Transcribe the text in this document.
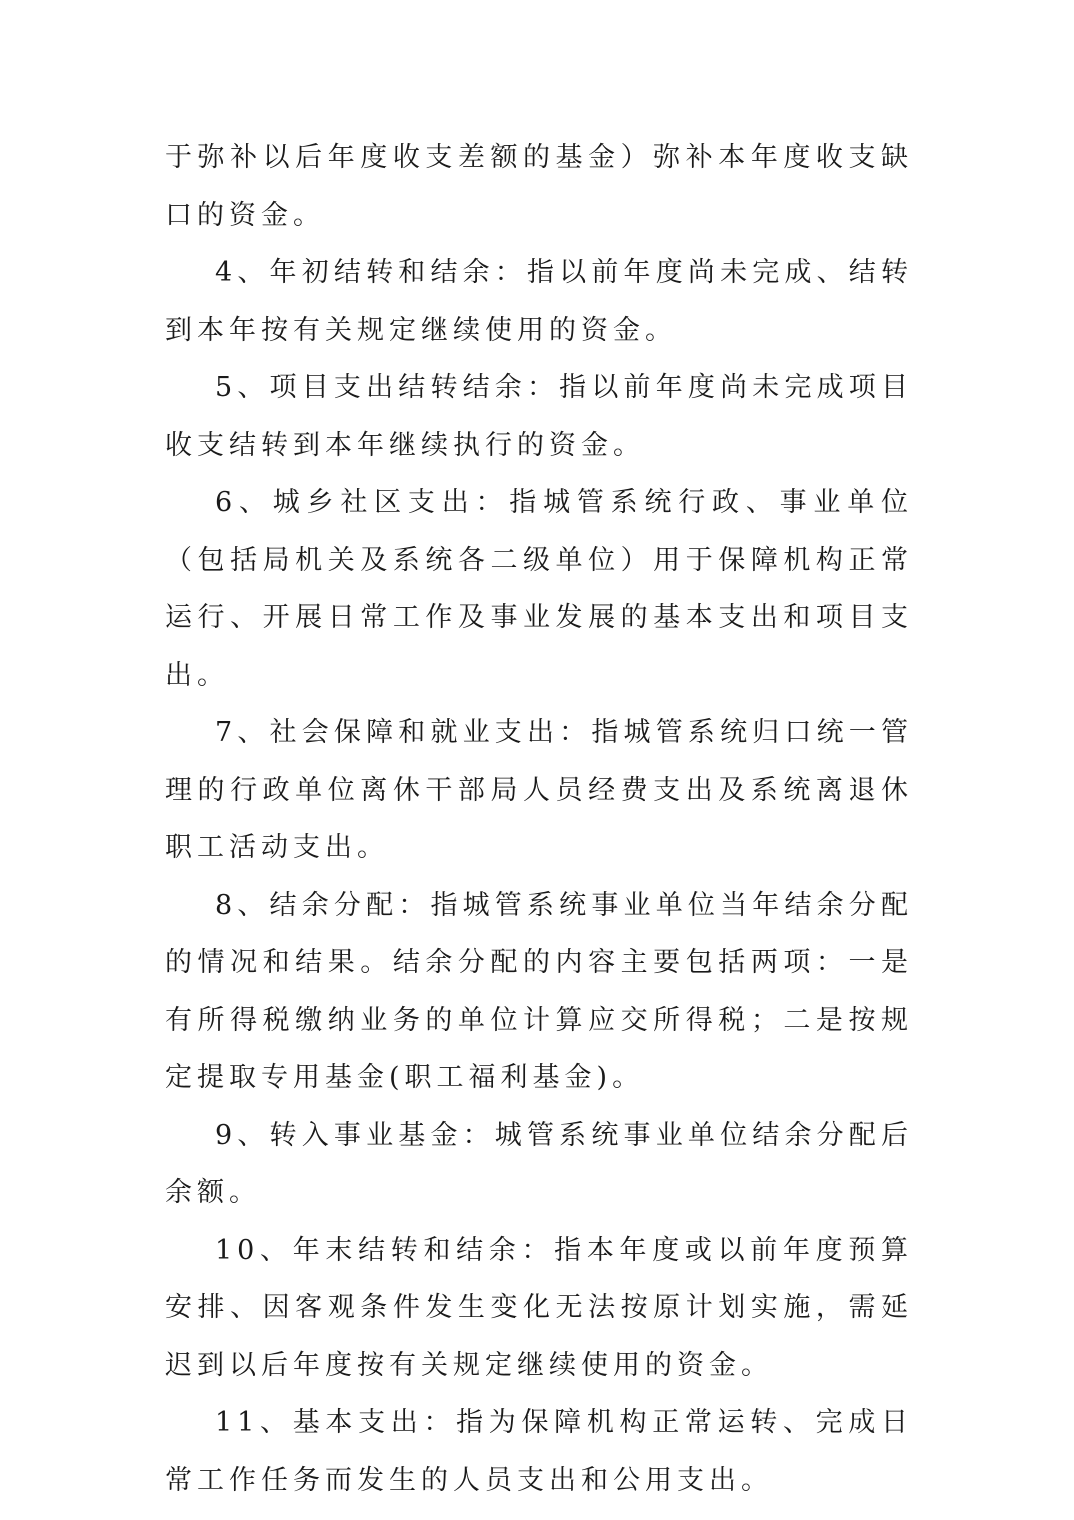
于弥补以后年度收支差额的基金）弥补本年度收支缺口的资金。

4、年初结转和结余：指以前年度尚未完成、结转到本年按有关规定继续使用的资金。

5、项目支出结转结余：指以前年度尚未完成项目收支结转到本年继续执行的资金。

6、城乡社区支出：指城管系统行政、事业单位（包括局机关及系统各二级单位）用于保障机构正常运行、开展日常工作及事业发展的基本支出和项目支出。

7、社会保障和就业支出：指城管系统归口统一管理的行政单位离休干部局人员经费支出及系统离退休职工活动支出。

8、结余分配：指城管系统事业单位当年结余分配的情况和结果。结余分配的内容主要包括两项：一是有所得税缴纳业务的单位计算应交所得税；二是按规定提取专用基金(职工福利基金)。

9、转入事业基金：城管系统事业单位结余分配后余额。

10、年末结转和结余：指本年度或以前年度预算安排、因客观条件发生变化无法按原计划实施，需延迟到以后年度按有关规定继续使用的资金。

11、基本支出：指为保障机构正常运转、完成日常工作任务而发生的人员支出和公用支出。
